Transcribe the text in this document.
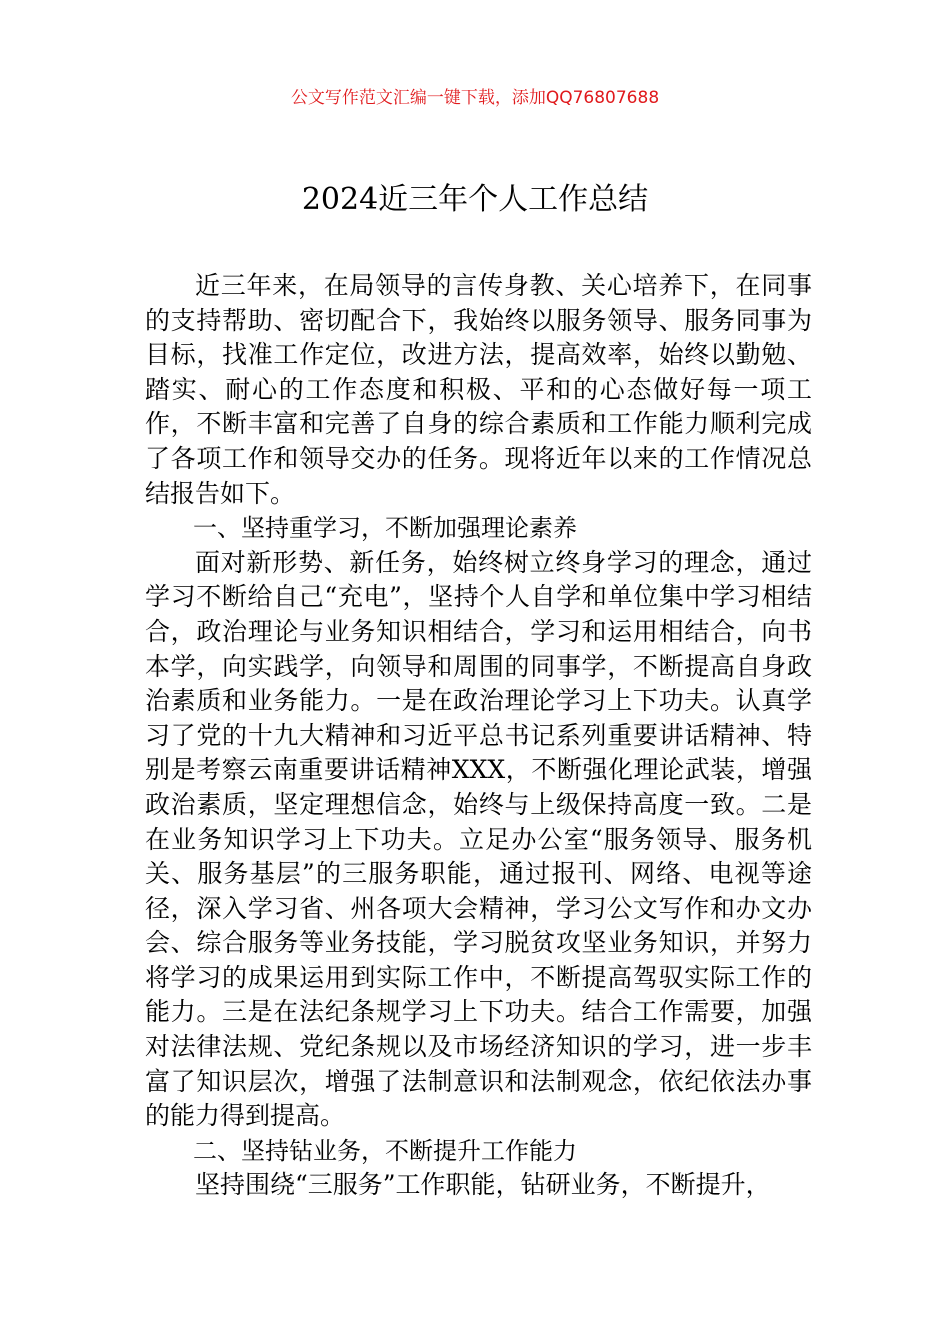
公文写作范文汇编一键下载，添加QQ76807688
2024近三年个人工作总结

近三年来，在局领导的言传身教、关心培养下，在同事的支持帮助、密切配合下，我始终以服务领导、服务同事为目标，找准工作定位，改进方法，提高效率，始终以勤勉、踏实、耐心的工作态度和积极、平和的心态做好每一项工作，不断丰富和完善了自身的综合素质和工作能力顺利完成了各项工作和领导交办的任务。现将近年以来的工作情况总结报告如下。

一、坚持重学习，不断加强理论素养

面对新形势、新任务，始终树立终身学习的理念，通过学习不断给自己“充电”，坚持个人自学和单位集中学习相结合，政治理论与业务知识相结合，学习和运用相结合，向书本学，向实践学，向领导和周围的同事学，不断提高自身政治素质和业务能力。一是在政治理论学习上下功夫。认真学习了党的十九大精神和习近平总书记系列重要讲话精神、特别是考察云南重要讲话精神XXX，不断强化理论武装，增强政治素质，坚定理想信念，始终与上级保持高度一致。二是在业务知识学习上下功夫。立足办公室“服务领导、服务机关、服务基层”的三服务职能，通过报刊、网络、电视等途径，深入学习省、州各项大会精神，学习公文写作和办文办会、综合服务等业务技能，学习脱贫攻坚业务知识，并努力将学习的成果运用到实际工作中，不断提高驾驭实际工作的能力。三是在法纪条规学习上下功夫。结合工作需要，加强对法律法规、党纪条规以及市场经济知识的学习，进一步丰富了知识层次，增强了法制意识和法制观念，依纪依法办事的能力得到提高。

二、坚持钻业务，不断提升工作能力

坚持围绕“三服务”工作职能，钻研业务，不断提升，
